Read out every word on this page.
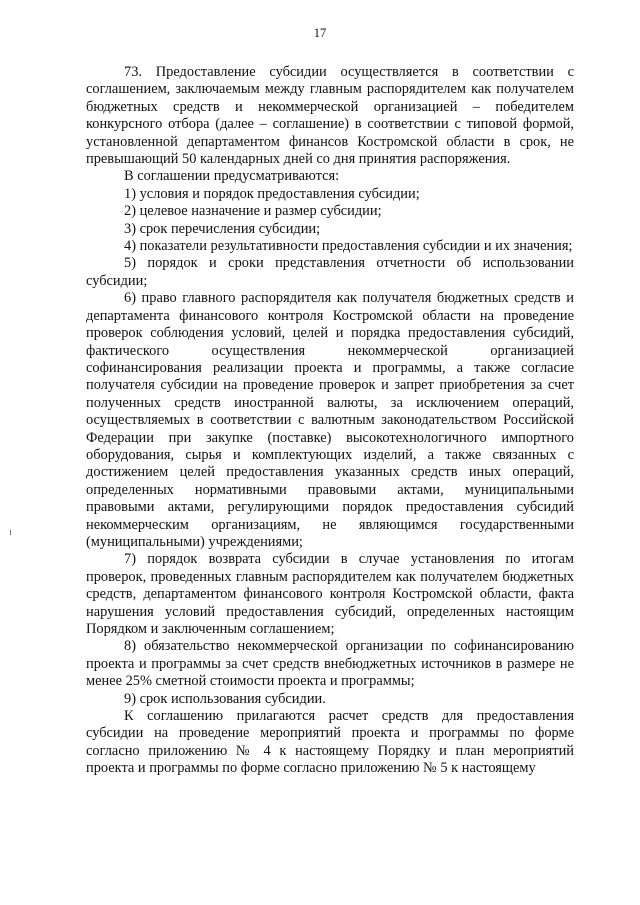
17

73. Предоставление субсидии осуществляется в соответствии с соглашением, заключаемым между главным распорядителем как получателем бюджетных средств и некоммерческой организацией – победителем конкурсного отбора (далее – соглашение) в соответствии с типовой формой, установленной департаментом финансов Костромской области в срок, не превышающий 50 календарных дней со дня принятия распоряжения.

В соглашении предусматриваются:

1) условия и порядок предоставления субсидии;

2) целевое назначение и размер субсидии;

3) срок перечисления субсидии;

4) показатели результативности предоставления субсидии и их значения;

5) порядок и сроки представления отчетности об использовании субсидии;

6) право главного распорядителя как получателя бюджетных средств и департамента финансового контроля Костромской области на проведение проверок соблюдения условий, целей и порядка предоставления субсидий, фактического осуществления некоммерческой организацией софинансирования реализации проекта и программы, а также согласие получателя субсидии на проведение проверок и запрет приобретения за счет полученных средств иностранной валюты, за исключением операций, осуществляемых в соответствии с валютным законодательством Российской Федерации при закупке (поставке) высокотехнологичного импортного оборудования, сырья и комплектующих изделий, а также связанных с достижением целей предоставления указанных средств иных операций, определенных нормативными правовыми актами, муниципальными правовыми актами, регулирующими порядок предоставления субсидий некоммерческим организациям, не являющимся государственными (муниципальными) учреждениями;

7) порядок возврата субсидии в случае установления по итогам проверок, проведенных главным распорядителем как получателем бюджетных средств, департаментом финансового контроля Костромской области, факта нарушения условий предоставления субсидий, определенных настоящим Порядком и заключенным соглашением;

8) обязательство некоммерческой организации по софинансированию проекта и программы за счет средств внебюджетных источников в размере не менее 25% сметной стоимости проекта и программы;

9) срок использования субсидии.

К соглашению прилагаются расчет средств для предоставления субсидии на проведение мероприятий проекта и программы по форме согласно приложению № 4 к настоящему Порядку и план мероприятий проекта и программы по форме согласно приложению № 5 к настоящему
